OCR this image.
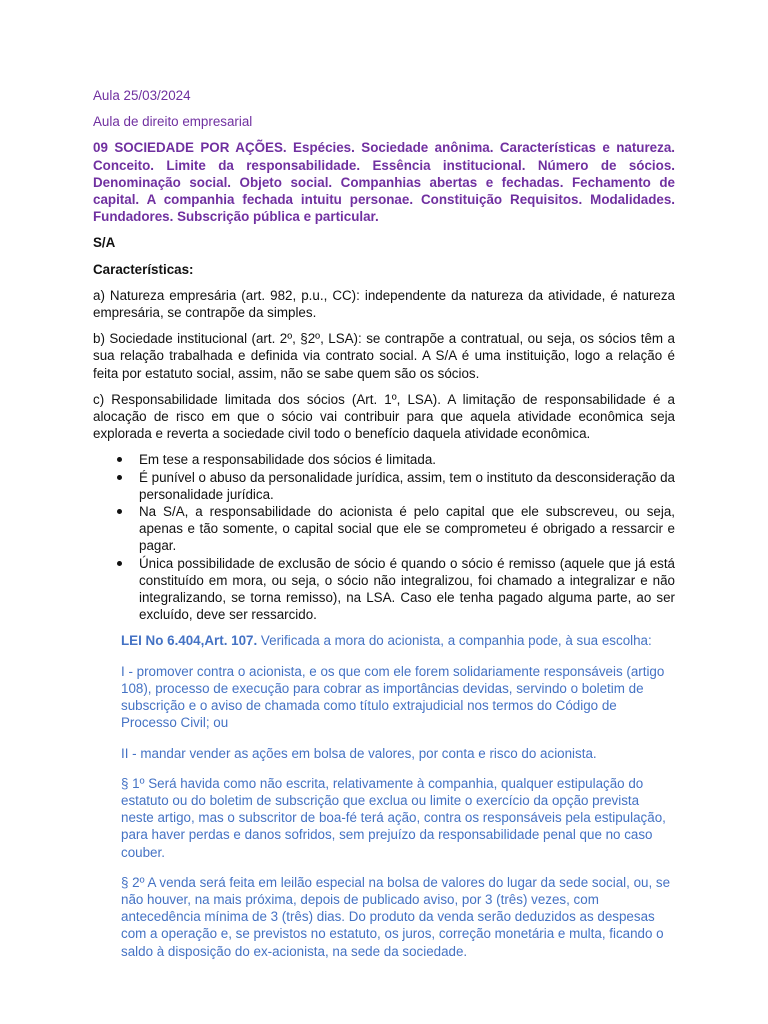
Aula 25/03/2024

Aula de direito empresarial

09 SOCIEDADE POR AÇÕES. Espécies. Sociedade anônima. Características e natureza. Conceito. Limite da responsabilidade. Essência institucional. Número de sócios. Denominação social. Objeto social. Companhias abertas e fechadas. Fechamento de capital. A companhia fechada intuitu personae. Constituição Requisitos. Modalidades. Fundadores. Subscrição pública e particular.

S/A

Características:

a) Natureza empresária (art. 982, p.u., CC): independente da natureza da atividade, é natureza empresária, se contrapõe da simples.

b) Sociedade institucional (art. 2º, §2º, LSA): se contrapõe a contratual, ou seja, os sócios têm a sua relação trabalhada e definida via contrato social. A S/A é uma instituição, logo a relação é feita por estatuto social, assim, não se sabe quem são os sócios.

c) Responsabilidade limitada dos sócios (Art. 1º, LSA). A limitação de responsabilidade é a alocação de risco em que o sócio vai contribuir para que aquela atividade econômica seja explorada e reverta a sociedade civil todo o benefício daquela atividade econômica.

Em tese a responsabilidade dos sócios é limitada.
É punível o abuso da personalidade jurídica, assim, tem o instituto da desconsideração da personalidade jurídica.
Na S/A, a responsabilidade do acionista é pelo capital que ele subscreveu, ou seja, apenas e tão somente, o capital social que ele se comprometeu é obrigado a ressarcir e pagar.
Única possibilidade de exclusão de sócio é quando o sócio é remisso (aquele que já está constituído em mora, ou seja, o sócio não integralizou, foi chamado a integralizar e não integralizando, se torna remisso), na LSA. Caso ele tenha pagado alguma parte, ao ser excluído, deve ser ressarcido.

LEI No 6.404,Art. 107. Verificada a mora do acionista, a companhia pode, à sua escolha:

I - promover contra o acionista, e os que com ele forem solidariamente responsáveis (artigo 108), processo de execução para cobrar as importâncias devidas, servindo o boletim de subscrição e o aviso de chamada como título extrajudicial nos termos do Código de Processo Civil; ou

II - mandar vender as ações em bolsa de valores, por conta e risco do acionista.

§ 1º Será havida como não escrita, relativamente à companhia, qualquer estipulação do estatuto ou do boletim de subscrição que exclua ou limite o exercício da opção prevista neste artigo, mas o subscritor de boa-fé terá ação, contra os responsáveis pela estipulação, para haver perdas e danos sofridos, sem prejuízo da responsabilidade penal que no caso couber.

§ 2º A venda será feita em leilão especial na bolsa de valores do lugar da sede social, ou, se não houver, na mais próxima, depois de publicado aviso, por 3 (três) vezes, com antecedência mínima de 3 (três) dias. Do produto da venda serão deduzidos as despesas com a operação e, se previstos no estatuto, os juros, correção monetária e multa, ficando o saldo à disposição do ex-acionista, na sede da sociedade.
